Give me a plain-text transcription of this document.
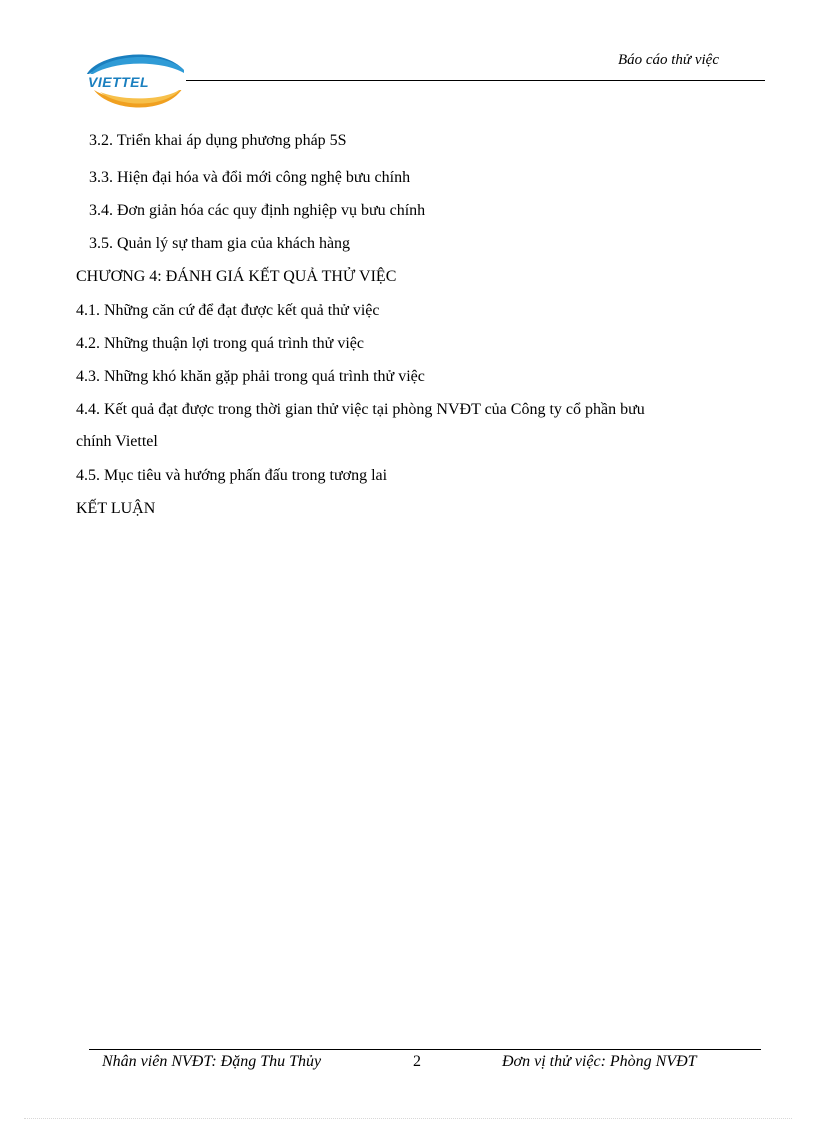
VIETTEL
Báo cáo thử việc
3.2. Triển khai áp dụng phương pháp 5S
3.3. Hiện đại hóa và đổi mới công nghệ bưu chính
3.4. Đơn giản hóa các quy định nghiệp vụ bưu chính
3.5. Quản lý sự tham gia của khách hàng
CHƯƠNG 4: ĐÁNH GIÁ KẾT QUẢ THỬ VIỆC
4.1. Những căn cứ để đạt được kết quả thử việc
4.2. Những thuận lợi trong quá trình thử việc
4.3. Những khó khăn gặp phải trong quá trình thử việc
4.4. Kết quả đạt được trong thời gian thử việc tại phòng NVĐT của Công ty cổ phần bưu
chính Viettel
4.5. Mục tiêu và hướng phấn đấu trong tương lai
KẾT LUẬN
Nhân viên NVĐT: Đặng Thu Thủy	2	Đơn vị thử việc: Phòng NVĐT
